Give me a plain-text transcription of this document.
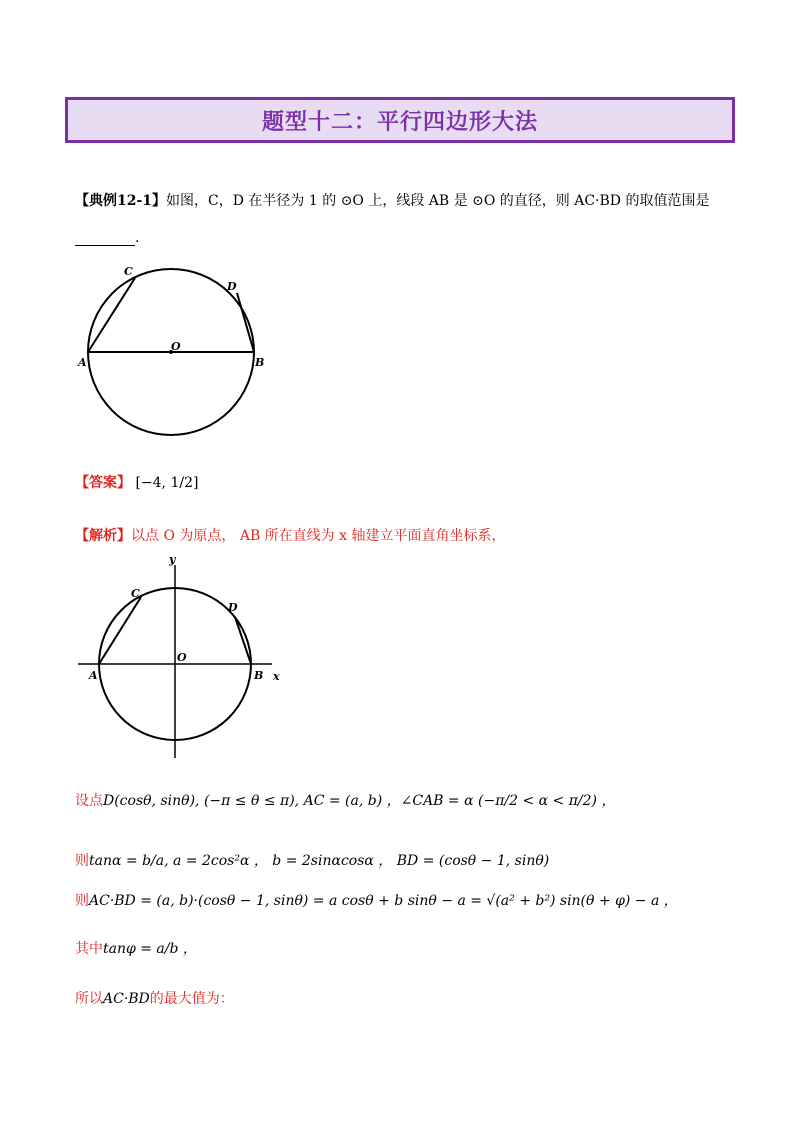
题型十二：平行四边形大法
【典例12-1】如图，C，D 在半径为 1 的 ⊙O 上，线段 AB 是 ⊙O 的直径，则 AC·BD 的取值范围是
.
A	B
C
D
O
【答案】 [−4, 1/2]
【解析】以点 O 为原点， AB 所在直线为 x 轴建立平面直角坐标系，
A	B
C
D
O
x
y
设点D(cosθ, sinθ), (−π ≤ θ ≤ π), AC = (a, b) ，∠CAB = α (−π/2 < α < π/2) ，
则tanα = b/a, a = 2cos²α ， b = 2sinαcosα ， BD = (cosθ − 1, sinθ)
则AC·BD = (a, b)·(cosθ − 1, sinθ) = a cosθ + b sinθ − a = √(a² + b²) sin(θ + φ) − a ，
其中tanφ = a/b ，
所以AC·BD的最大值为：
